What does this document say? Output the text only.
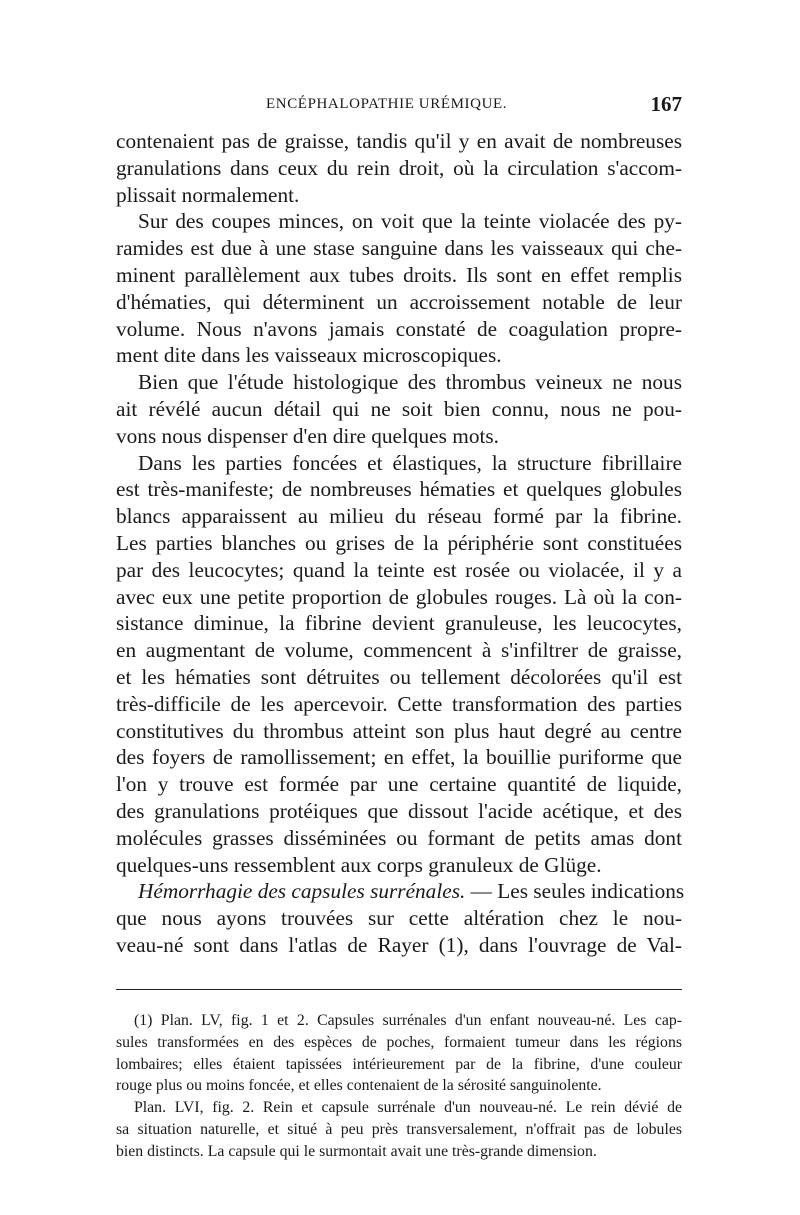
ENCÉPHALOPATHIE URÉMIQUE.	167
contenaient pas de graisse, tandis qu'il y en avait de nombreuses
granulations dans ceux du rein droit, où la circulation s'accom-
plissait normalement.
Sur des coupes minces, on voit que la teinte violacée des py-
ramides est due à une stase sanguine dans les vaisseaux qui che-
minent parallèlement aux tubes droits. Ils sont en effet remplis
d'hématies, qui déterminent un accroissement notable de leur
volume. Nous n'avons jamais constaté de coagulation propre-
ment dite dans les vaisseaux microscopiques.
Bien que l'étude histologique des thrombus veineux ne nous
ait révélé aucun détail qui ne soit bien connu, nous ne pou-
vons nous dispenser d'en dire quelques mots.
Dans les parties foncées et élastiques, la structure fibrillaire
est très-manifeste; de nombreuses hématies et quelques globules
blancs apparaissent au milieu du réseau formé par la fibrine.
Les parties blanches ou grises de la périphérie sont constituées
par des leucocytes; quand la teinte est rosée ou violacée, il y a
avec eux une petite proportion de globules rouges. Là où la con-
sistance diminue, la fibrine devient granuleuse, les leucocytes,
en augmentant de volume, commencent à s'infiltrer de graisse,
et les hématies sont détruites ou tellement décolorées qu'il est
très-difficile de les apercevoir. Cette transformation des parties
constitutives du thrombus atteint son plus haut degré au centre
des foyers de ramollissement; en effet, la bouillie puriforme que
l'on y trouve est formée par une certaine quantité de liquide,
des granulations protéiques que dissout l'acide acétique, et des
molécules grasses disséminées ou formant de petits amas dont
quelques-uns ressemblent aux corps granuleux de Glüge.
Hémorrhagie des capsules surrénales. — Les seules indications
que nous ayons trouvées sur cette altération chez le nou-
veau-né sont dans l'atlas de Rayer (1), dans l'ouvrage de Val-
(1) Plan. LV, fig. 1 et 2. Capsules surrénales d'un enfant nouveau-né. Les cap-
sules transformées en des espèces de poches, formaient tumeur dans les régions
lombaires; elles étaient tapissées intérieurement par de la fibrine, d'une couleur
rouge plus ou moins foncée, et elles contenaient de la sérosité sanguinolente.
Plan. LVI, fig. 2. Rein et capsule surrénale d'un nouveau-né. Le rein dévié de
sa situation naturelle, et situé à peu près transversalement, n'offrait pas de lobules
bien distincts. La capsule qui le surmontait avait une très-grande dimension.
